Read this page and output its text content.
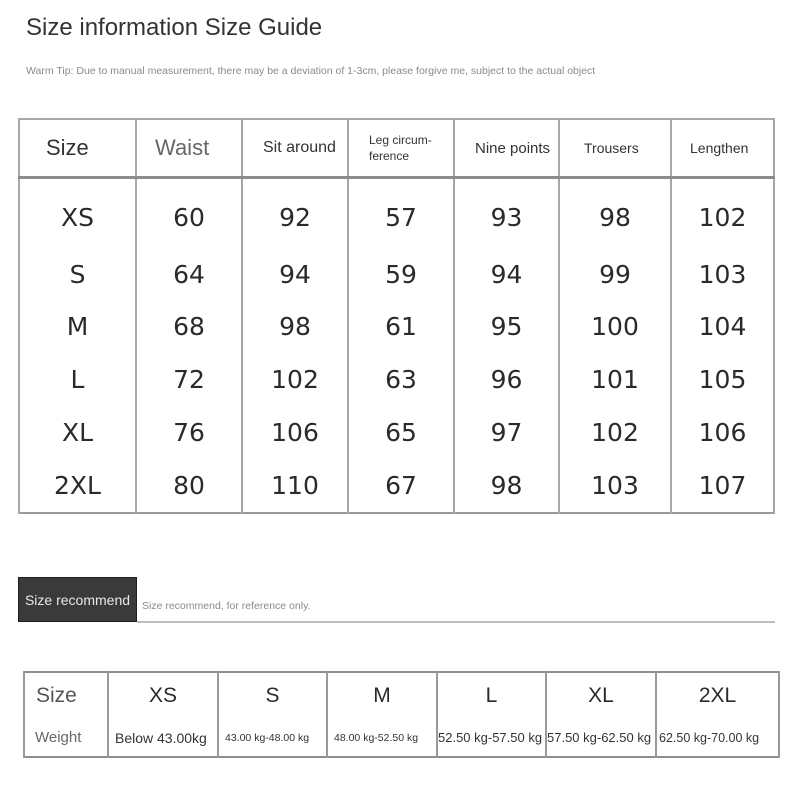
Size information Size Guide
Warm Tip: Due to manual measurement, there may be a deviation of 1-3cm, please forgive me, subject to the actual object
Size	Waist	Sit around	Leg circum-ference	Nine points	Trousers	Lengthen
XS	60	92	57	93	98	102
S	64	94	59	94	99	103
M	68	98	61	95	100	104
L	72	102	63	96	101	105
XL	76	106	65	97	102	106
2XL	80	110	67	98	103	107
Size recommend	Size recommend, for reference only.
Size	XS	S	M	L	XL	2XL
Weight	Below 43.00kg	43.00 kg-48.00 kg	48.00 kg-52.50 kg	52.50 kg-57.50 kg	57.50 kg-62.50 kg	62.50 kg-70.00 kg
